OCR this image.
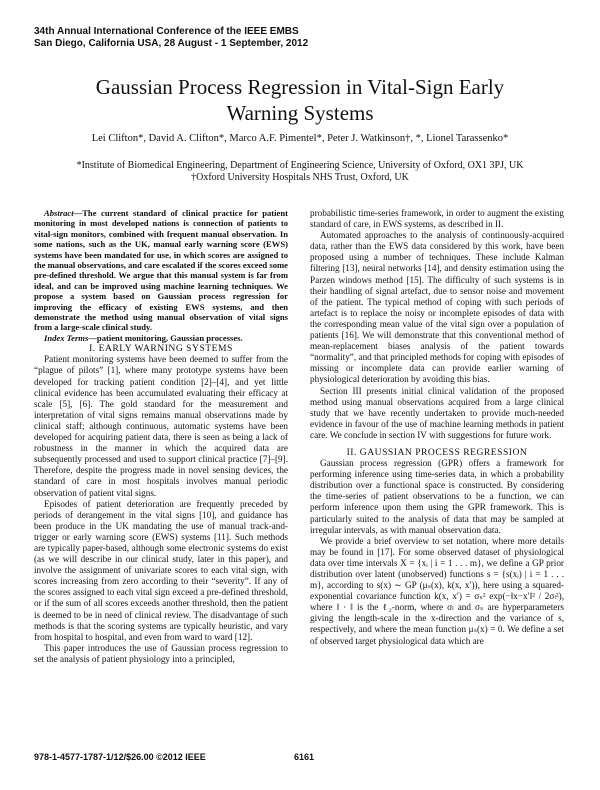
34th Annual International Conference of the IEEE EMBS
San Diego, California USA, 28 August - 1 September, 2012
Gaussian Process Regression in Vital-Sign Early
Warning Systems
Lei Clifton*, David A. Clifton*, Marco A.F. Pimentel*, Peter J. Watkinson†, *, Lionel Tarassenko*
*Institute of Biomedical Engineering, Department of Engineering Science, University of Oxford, OX1 3PJ, UK
†Oxford University Hospitals NHS Trust, Oxford, UK

Abstract—The current standard of clinical practice for patient monitoring in most developed nations is connection of patients to vital-sign monitors, combined with frequent manual observation. In some nations, such as the UK, manual early warning score (EWS) systems have been mandated for use, in which scores are assigned to the manual observations, and care escalated if the scores exceed some pre-defined threshold. We argue that this manual system is far from ideal, and can be improved using machine learning techniques. We propose a system based on Gaussian process regression for improving the efficacy of existing EWS systems, and then demonstrate the method using manual observation of vital signs from a large-scale clinical study.

Index Terms—patient monitoring, Gaussian processes.

I. EARLY WARNING SYSTEMS

Patient monitoring systems have been deemed to suffer from the “plague of pilots” [1], where many prototype systems have been developed for tracking patient condition [2]–[4], and yet little clinical evidence has been accumulated evaluating their efficacy at scale [5], [6]. The gold standard for the measurement and interpretation of vital signs remains manual observations made by clinical staff; although continuous, automatic systems have been developed for acquiring patient data, there is seen as being a lack of robustness in the manner in which the acquired data are subsequently processed and used to support clinical practice [7]–[9]. Therefore, despite the progress made in novel sensing devices, the standard of care in most hospitals involves manual periodic observation of patient vital signs.

Episodes of patient deterioration are frequently preceded by periods of derangement in the vital signs [10], and guidance has been produce in the UK mandating the use of manual track-and-trigger or early warning score (EWS) systems [11]. Such methods are typically paper-based, although some electronic systems do exist (as we will describe in our clinical study, later in this paper), and involve the assignment of univariate scores to each vital sign, with scores increasing from zero according to their “severity”. If any of the scores assigned to each vital sign exceed a pre-defined threshold, or if the sum of all scores exceeds another threshold, then the patient is deemed to be in need of clinical review. The disadvantage of such methods is that the scoring systems are typically heuristic, and vary from hospital to hospital, and even from ward to ward [12].

This paper introduces the use of Gaussian process regression to set the analysis of patient physiology into a principled,

probabilistic time-series framework, in order to augment the existing standard of care, in EWS systems, as described in II.

Automated approaches to the analysis of continuously-acquired data, rather than the EWS data considered by this work, have been proposed using a number of techniques. These include Kalman filtering [13], neural networks [14], and density estimation using the Parzen windows method [15]. The difficulty of such systems is in their handling of signal artefact, due to sensor noise and movement of the patient. The typical method of coping with such periods of artefact is to replace the noisy or incomplete episodes of data with the corresponding mean value of the vital sign over a population of patients [16]. We will demonstrate that this conventional method of mean-replacement biases analysis of the patient towards “normality”, and that principled methods for coping with episodes of missing or incomplete data can provide earlier warning of physiological deterioration by avoiding this bias.

Section III presents initial clinical validation of the proposed method using manual observations acquired from a large clinical study that we have recently undertaken to provide much-needed evidence in favour of the use of machine learning methods in patient care. We conclude in section IV with suggestions for future work.

II. GAUSSIAN PROCESS REGRESSION

Gaussian process regression (GPR) offers a framework for performing inference using time-series data, in which a probability distribution over a functional space is constructed. By considering the time-series of patient observations to be a function, we can perform inference upon them using the GPR framework. This is particularly suited to the analysis of data that may be sampled at irregular intervals, as with manual observation data.

We provide a brief overview to set notation, where more details may be found in [17]. For some observed dataset of physiological data over time intervals X = {xᵢ | i = 1 . . . m}, we define a GP prior distribution over latent (unobserved) functions s = {s(xᵢ) | i = 1 . . . m}, according to s(x) ∼ GP (μₛ(x), k(x, x′)), here using a squared-exponential covariance function k(x, x′) = σₛ² exp(−‖x−x′‖² / 2σₗ²), where ‖ · ‖ is the ℓ₂-norm, where σₗ and σₛ are hyperparameters giving the length-scale in the x-direction and the variance of s, respectively, and where the mean function μₛ(x) = 0. We define a set of observed target physiological data which are

978-1-4577-1787-1/12/$26.00 ©2012 IEEE	6161
